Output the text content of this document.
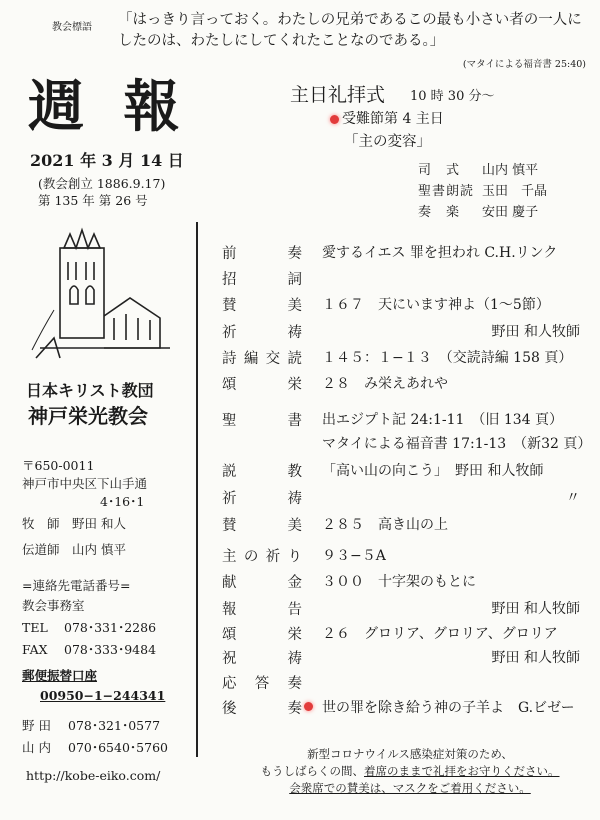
教会標語 「はっきり言っておく。わたしの兄弟であるこの最も小さい者の一人にしたのは、わたしにしてくれたことなのである。」
(マタイによる福音書 25:40)
週 報
2021 年 3 月 14 日
(教会創立 1886.9.17)
第 135 年 第 26 号
主日礼拝式 10 時 30 分〜
受難節第 4 主日
「主の変容」
司　式	山内 慎平
聖書朗読 玉田　千晶
奏　楽	安田 慶子
日本キリスト教団
神戸栄光教会
〒650-0011
神戸市中央区下山手通
4･16･1
牧　師　 野田 和人
伝道師　 山内 慎平
=連絡先電話番号=
教会事務室
TEL 078･331･2286
FAX 078･333･9484
郵便振替口座
00950−1−244341
野 田 078･321･0577
山 内 070･6540･5760
http://kobe-eiko.com/
前奏 愛するイエス 罪を担われ C.H.リンク
招詞
賛美 １６７　天にいます神よ（1〜5節）
祈祷	野田 和人牧師
詩編交読 １４５：１−１３　（交読詩編 158 頁）
頌栄 ２８　み栄えあれや
聖書 出エジプト記 24:1-11　（旧 134 頁）
マタイによる福音書 17:1-13　（新32 頁）
説教 「高い山の向こう」　野田 和人牧師
祈祷	〃
賛美 ２８５　高き山の上
主の祈り ９３−５A
献金 ３００　十字架のもとに
報告	野田 和人牧師
頌栄 ２６　グロリア、グロリア、グロリア
祝祷	野田 和人牧師
応答奏
後奏 世の罪を除き給う神の子羊よ　G.ビゼー
新型コロナウイルス感染症対策のため、
もうしばらくの間、着席のままで礼拝をお守りください。
会衆席での賛美は、マスクをご着用ください。
